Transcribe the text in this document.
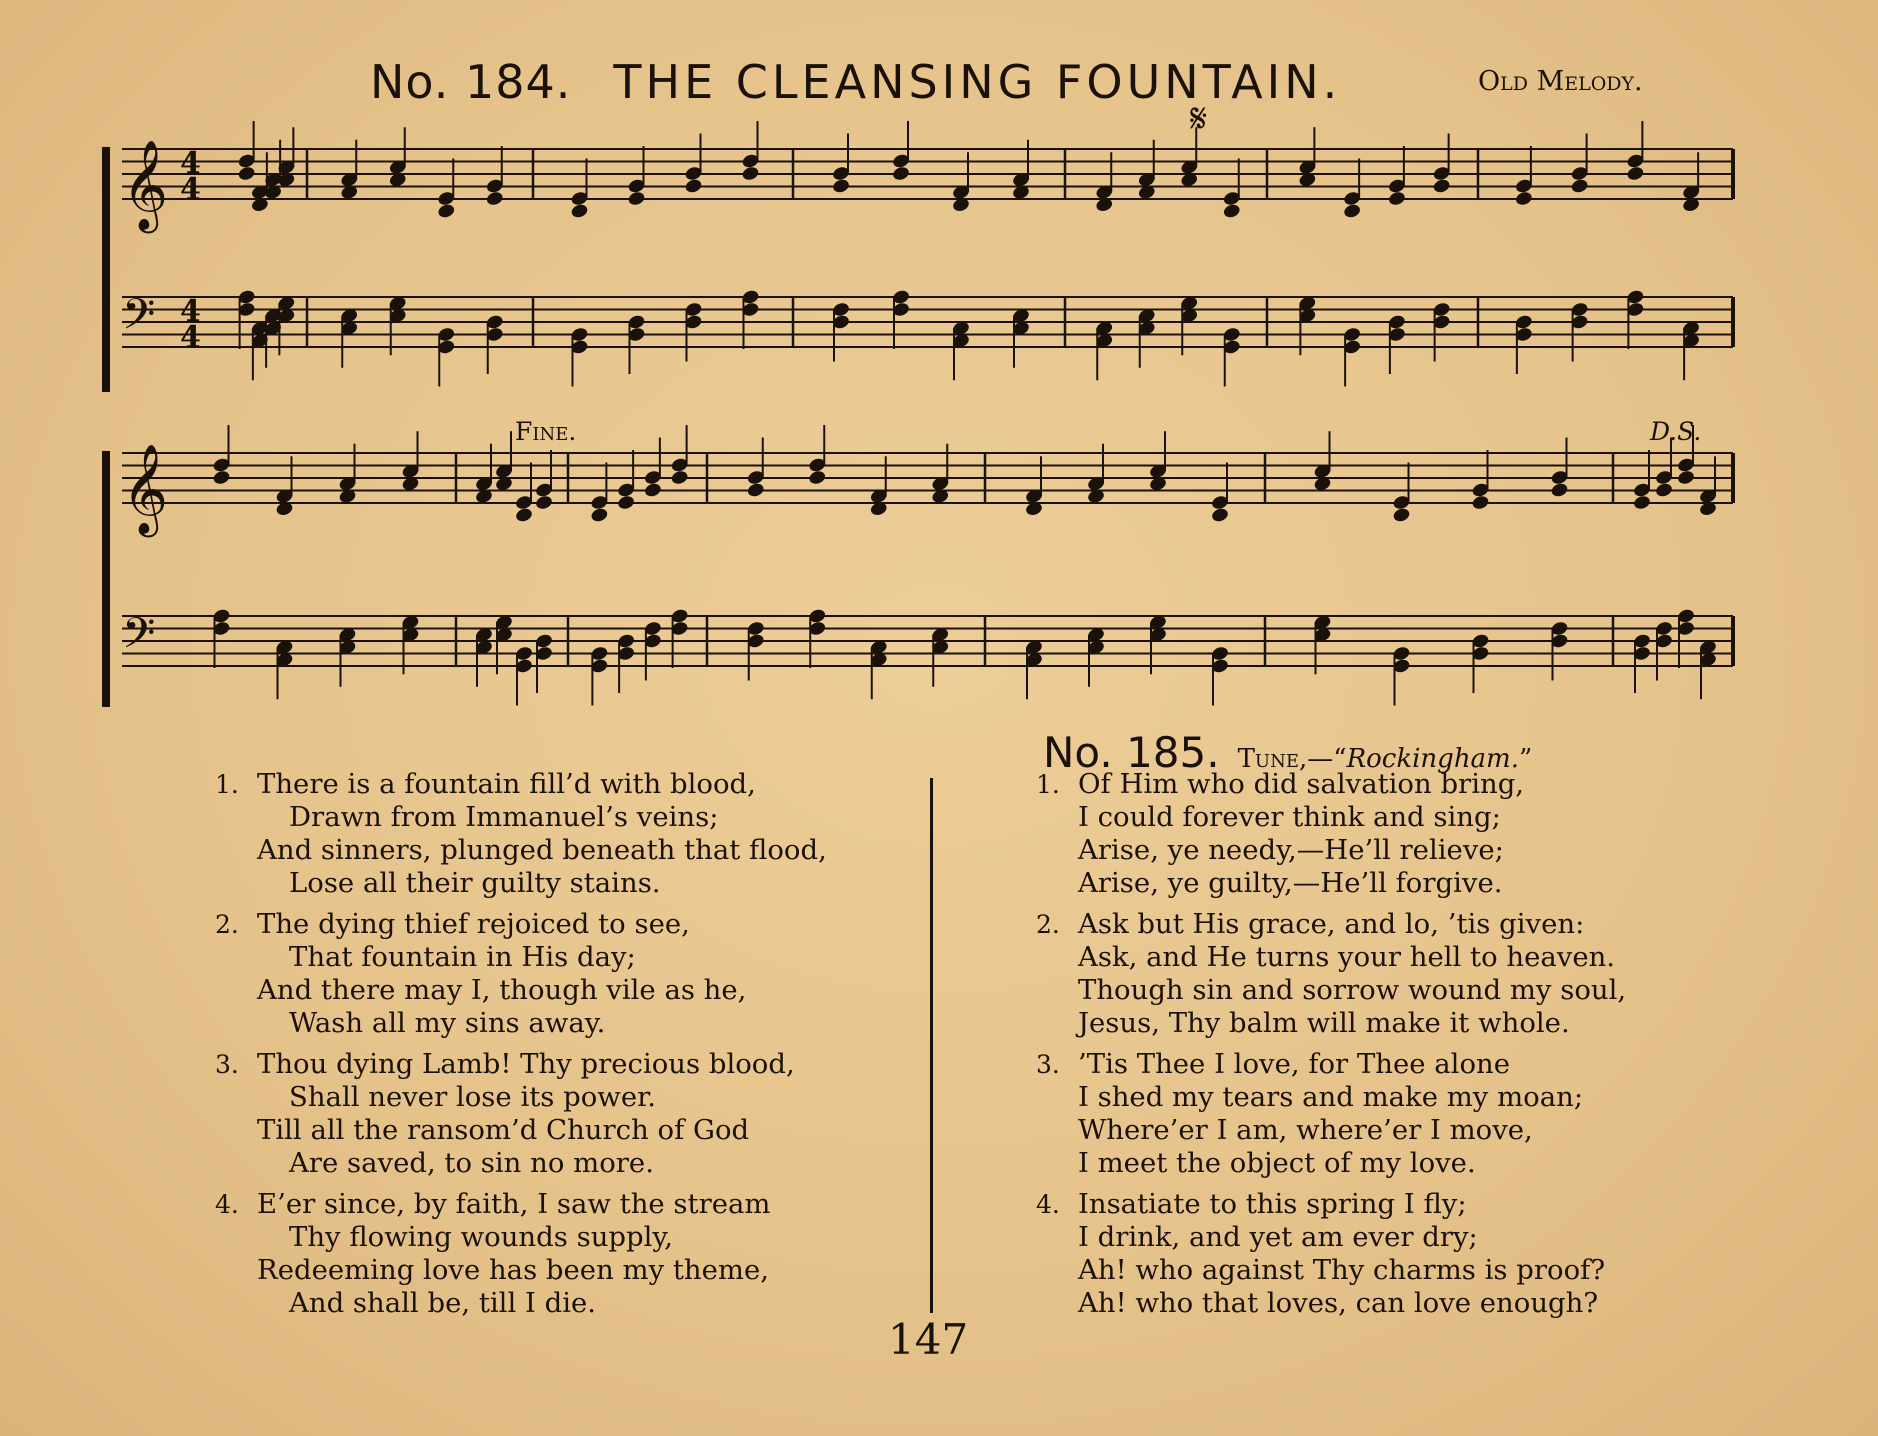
No. 184. THE CLEANSING FOUNTAIN.	Old Melody.
𝄞 4
4
𝄢 4
4
𝄞
𝄢
𝄋
Fine.	D.S.
1. There is a fountain fill’d with blood,
Drawn from Immanuel’s veins;
And sinners, plunged beneath that flood,
Lose all their guilty stains.
2. The dying thief rejoiced to see,
That fountain in His day;
And there may I, though vile as he,
Wash all my sins away.
3. Thou dying Lamb! Thy precious blood,
Shall never lose its power.
Till all the ransom’d Church of God
Are saved, to sin no more.
4. E’er since, by faith, I saw the stream
Thy flowing wounds supply,
Redeeming love has been my theme,
And shall be, till I die.
No. 185. Tune,—“Rockingham.”
1. Of Him who did salvation bring,
I could forever think and sing;
Arise, ye needy,—He’ll relieve;
Arise, ye guilty,—He’ll forgive.
2. Ask but His grace, and lo, ’tis given:
Ask, and He turns your hell to heaven.
Though sin and sorrow wound my soul,
Jesus, Thy balm will make it whole.
3. ’Tis Thee I love, for Thee alone
I shed my tears and make my moan;
Where’er I am, where’er I move,
I meet the object of my love.
4. Insatiate to this spring I fly;
I drink, and yet am ever dry;
Ah! who against Thy charms is proof?
Ah! who that loves, can love enough?
147
